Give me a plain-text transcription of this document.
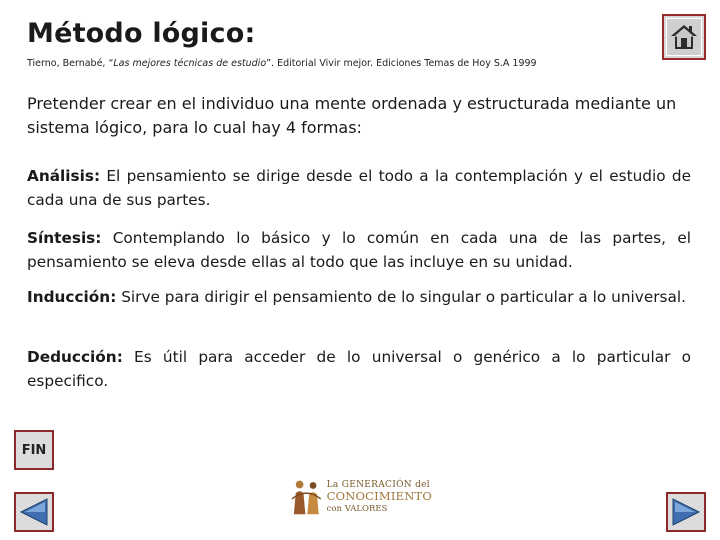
Método lógico:
Tierno, Bernabé, “Las mejores técnicas de estudio”. Editorial Vivir mejor. Ediciones Temas de Hoy S.A 1999
Pretender crear en el individuo una mente ordenada y estructurada mediante un sistema lógico, para lo cual hay 4 formas:
Análisis: El pensamiento se dirige desde el todo a la contemplación y el estudio de cada una de sus partes.
Síntesis: Contemplando lo básico y lo común en cada una de las partes, el pensamiento se eleva desde ellas al todo que las incluye en su unidad.
Inducción: Sirve para dirigir el pensamiento de lo singular o particular a lo universal.
Deducción: Es útil para acceder de lo universal o genérico a lo particular o especifico.
FIN
La GENERACIÓN del
CONOCIMIENTO
con VALORES
